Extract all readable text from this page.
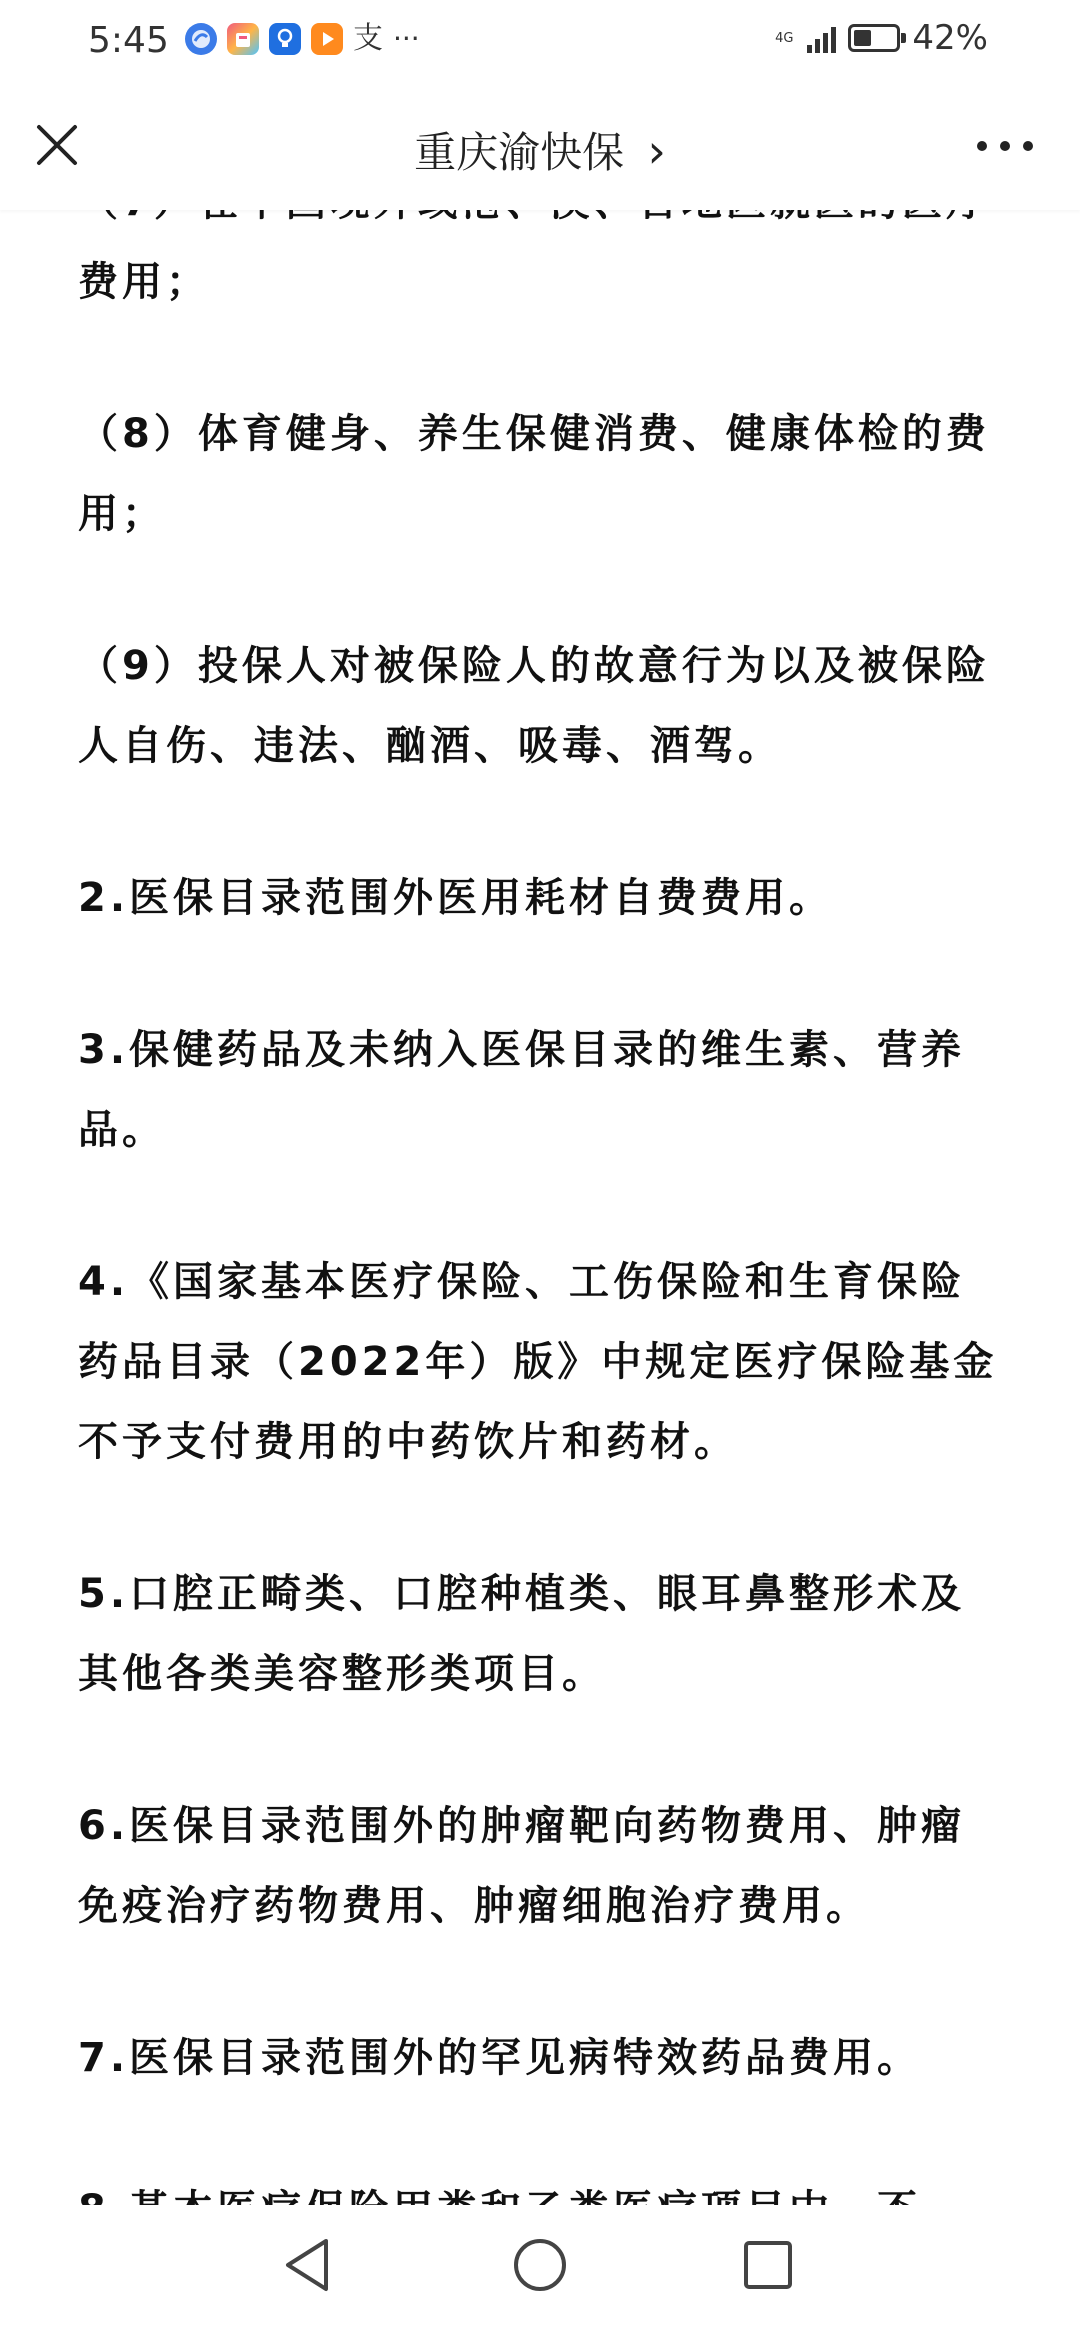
5:45	支 ···	4G	42%
重庆渝快保 ›

费用；

（8）体育健身、养生保健消费、健康体检的费用；

（9）投保人对被保险人的故意行为以及被保险人自伤、违法、酗酒、吸毒、酒驾。

2.医保目录范围外医用耗材自费费用。

3.保健药品及未纳入医保目录的维生素、营养品。

4.《国家基本医疗保险、工伤保险和生育保险药品目录（2022年）版》中规定医疗保险基金不予支付费用的中药饮片和药材。

5.口腔正畸类、口腔种植类、眼耳鼻整形术及其他各类美容整形类项目。

6.医保目录范围外的肿瘤靶向药物费用、肿瘤免疫治疗药物费用、肿瘤细胞治疗费用。

7.医保目录范围外的罕见病特效药品费用。
